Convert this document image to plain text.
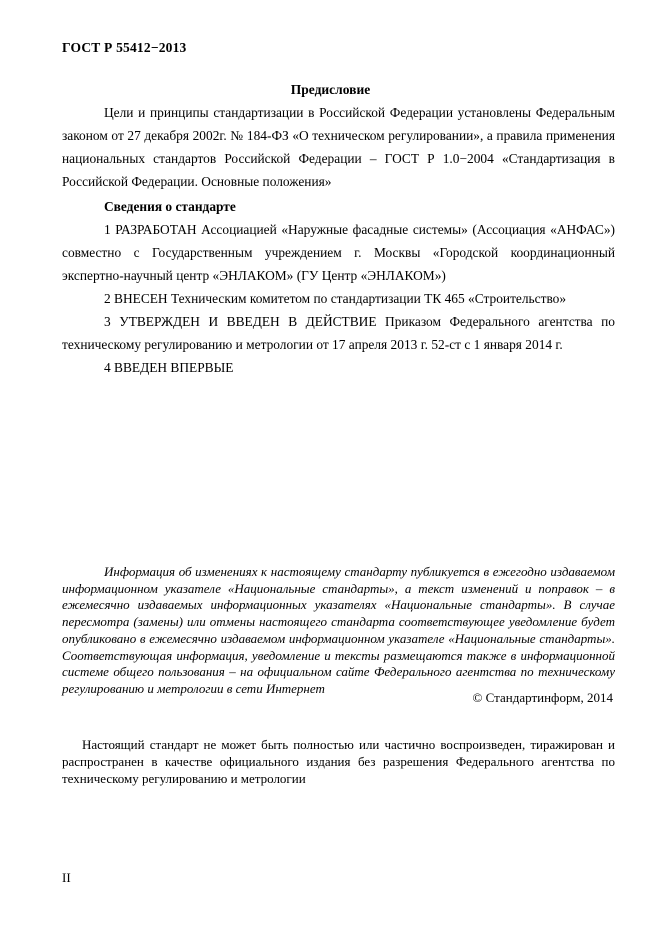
ГОСТ Р 55412−2013
Предисловие
Цели и принципы стандартизации в Российской Федерации установлены Федеральным законом от 27 декабря 2002г. № 184-ФЗ «О техническом регулировании», а правила применения национальных стандартов Российской Федерации – ГОСТ Р 1.0−2004 «Стандартизация в Российской Федерации. Основные положения»
Сведения о стандарте
1 РАЗРАБОТАН Ассоциацией «Наружные фасадные системы» (Ассоциация «АНФАС») совместно с Государственным учреждением г. Москвы «Городской координационный экспертно-научный центр «ЭНЛАКОМ» (ГУ Центр «ЭНЛАКОМ»)
2 ВНЕСЕН Техническим комитетом по стандартизации ТК 465 «Строительство»
3 УТВЕРЖДЕН И ВВЕДЕН В ДЕЙСТВИЕ Приказом Федерального агентства по техническому регулированию и метрологии от 17 апреля 2013 г. 52-ст с 1 января 2014 г.
4 ВВЕДЕН ВПЕРВЫЕ
Информация об изменениях к настоящему стандарту публикуется в ежегодно издаваемом информационном указателе «Национальные стандарты», а текст изменений и поправок – в ежемесячно издаваемых информационных указателях «Национальные стандарты». В случае пересмотра (замены) или отмены настоящего стандарта соответствующее уведомление будет опубликовано в ежемесячно издаваемом информационном указателе «Национальные стандарты». Соответствующая информация, уведомление и тексты размещаются также в информационной системе общего пользования – на официальном сайте Федерального агентства по техническому регулированию и метрологии в сети Интернет
© Стандартинформ, 2014
Настоящий стандарт не может быть полностью или частично воспроизведен, тиражирован и распространен в качестве официального издания без разрешения Федерального агентства по техническому регулированию и метрологии
II
